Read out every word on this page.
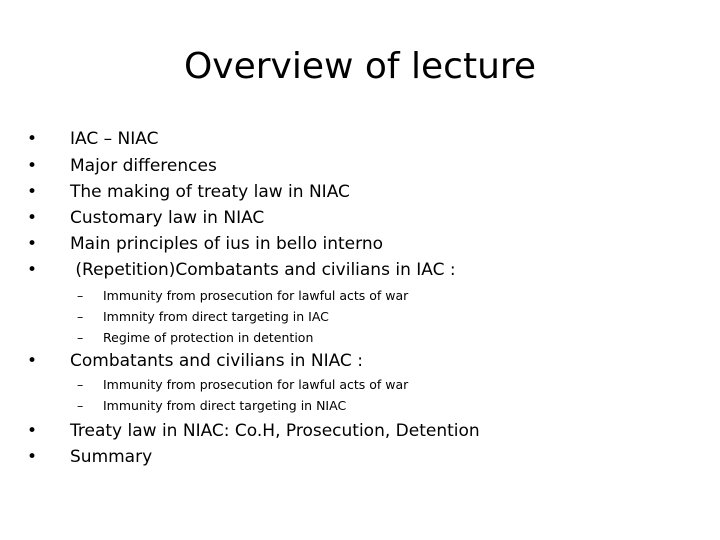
Overview of lecture
• IAC – NIAC
• Major differences
• The making of treaty law in NIAC
• Customary law in NIAC
• Main principles of ius in bello interno
• (Repetition)Combatants and civilians in IAC :
– Immunity from prosecution for lawful acts of war
– Immnity from direct targeting in IAC
– Regime of protection in detention
• Combatants and civilians in NIAC :
– Immunity from prosecution for lawful acts of war
– Immunity from direct targeting in NIAC
• Treaty law in NIAC: Co.H, Prosecution, Detention
• Summary
